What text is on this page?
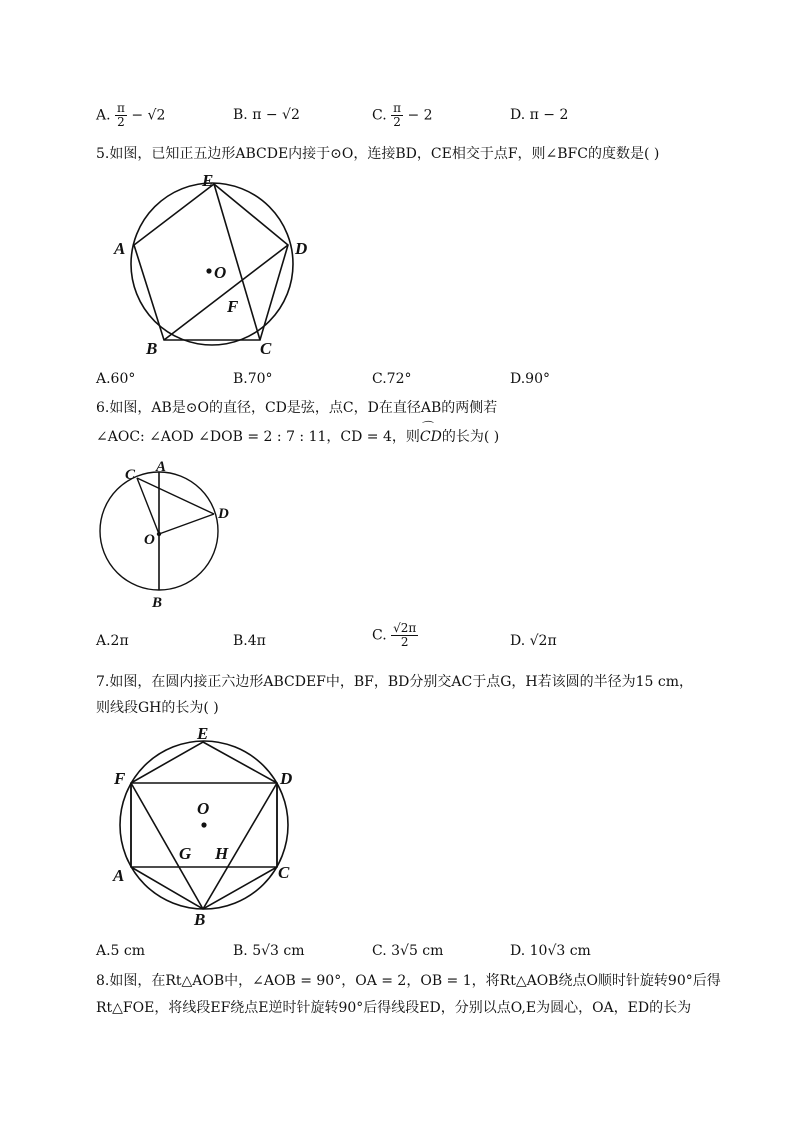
A. $\frac{\pi}{2} - √2$	B. π − √2	C. $\frac{\pi}{2} - 2$	D. π − 2
5.如图，已知正五边形ABCDE内接于⊙O，连接BD，CE相交于点F，则∠BFC的度数是( )
E
A	D
O
F
B	C
A.60°	B.70°	C.72°	D.90°
6.如图，AB是⊙O的直径，CD是弦，点C，D在直径AB的两侧若
∠AOC: ∠AOD ∠DOB = 2 : 7 : 11，CD = 4，则⌒ CD的长为( )
C A
D
O
B
A.2π	B.4π	C. $\frac{√2\pi}{2}$	D. √2π
7.如图，在圆内接正六边形ABCDEF中，BF，BD分别交AC于点G，H若该圆的半径为15 cm，
则线段GH的长为( )
E
F	D
O
G H
A	C
B
A.5 cm	B. 5√3 cm	C. 3√5 cm	D. 10√3 cm
8.如图，在Rt△AOB中，∠AOB = 90°，OA = 2，OB = 1，将Rt△AOB绕点O顺时针旋转90°后得
Rt△FOE，将线段EF绕点E逆时针旋转90°后得线段ED，分别以点O,E为圆心，OA，ED的长为
